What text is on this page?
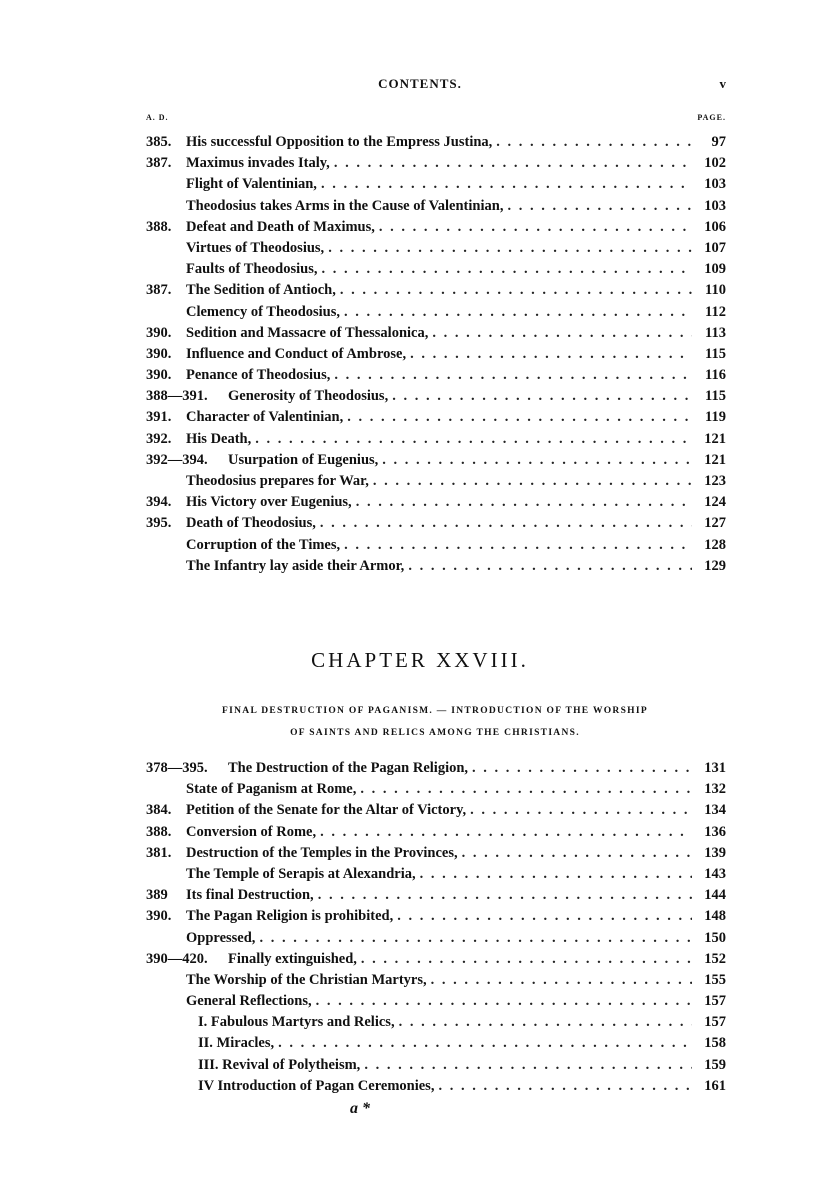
CONTENTS.	v
A. D.	PAGE.
385. His successful Opposition to the Empress Justina, . . .	97
387. Maximus invades Italy, . . .	102
Flight of Valentinian, . . .	103
Theodosius takes Arms in the Cause of Valentinian, . . .	103
388. Defeat and Death of Maximus, . . .	106
Virtues of Theodosius, . . .	107
Faults of Theodosius, . . .	109
387. The Sedition of Antioch, . . .	110
Clemency of Theodosius, . . .	112
390. Sedition and Massacre of Thessalonica, . . .	113
390. Influence and Conduct of Ambrose, . . .	115
390. Penance of Theodosius, . . .	116
388—391. Generosity of Theodosius, . . .	115
391. Character of Valentinian, . . .	119
392. His Death, . . .	121
392—394. Usurpation of Eugenius, . . .	121
Theodosius prepares for War, . . .	123
394. His Victory over Eugenius, . . .	124
395. Death of Theodosius, . . .	127
Corruption of the Times, . . .	128
The Infantry lay aside their Armor, . . .	129
CHAPTER XXVIII.
FINAL DESTRUCTION OF PAGANISM. — INTRODUCTION OF THE WORSHIP
OF SAINTS AND RELICS AMONG THE CHRISTIANS.
378—395. The Destruction of the Pagan Religion, . . .	131
State of Paganism at Rome, . . .	132
384. Petition of the Senate for the Altar of Victory, . . .	134
388. Conversion of Rome, . . .	136
381. Destruction of the Temples in the Provinces, . . .	139
The Temple of Serapis at Alexandria, . . .	143
389 Its final Destruction, . . .	144
390. The Pagan Religion is prohibited, . . .	148
Oppressed, . . .	150
390—420. Finally extinguished, . . .	152
The Worship of the Christian Martyrs, . . .	155
General Reflections, . . .	157
I. Fabulous Martyrs and Relics, . . .	157
II. Miracles, . . .	158
III. Revival of Polytheism, . . .	159
IV Introduction of Pagan Ceremonies, . . .	161
a *
